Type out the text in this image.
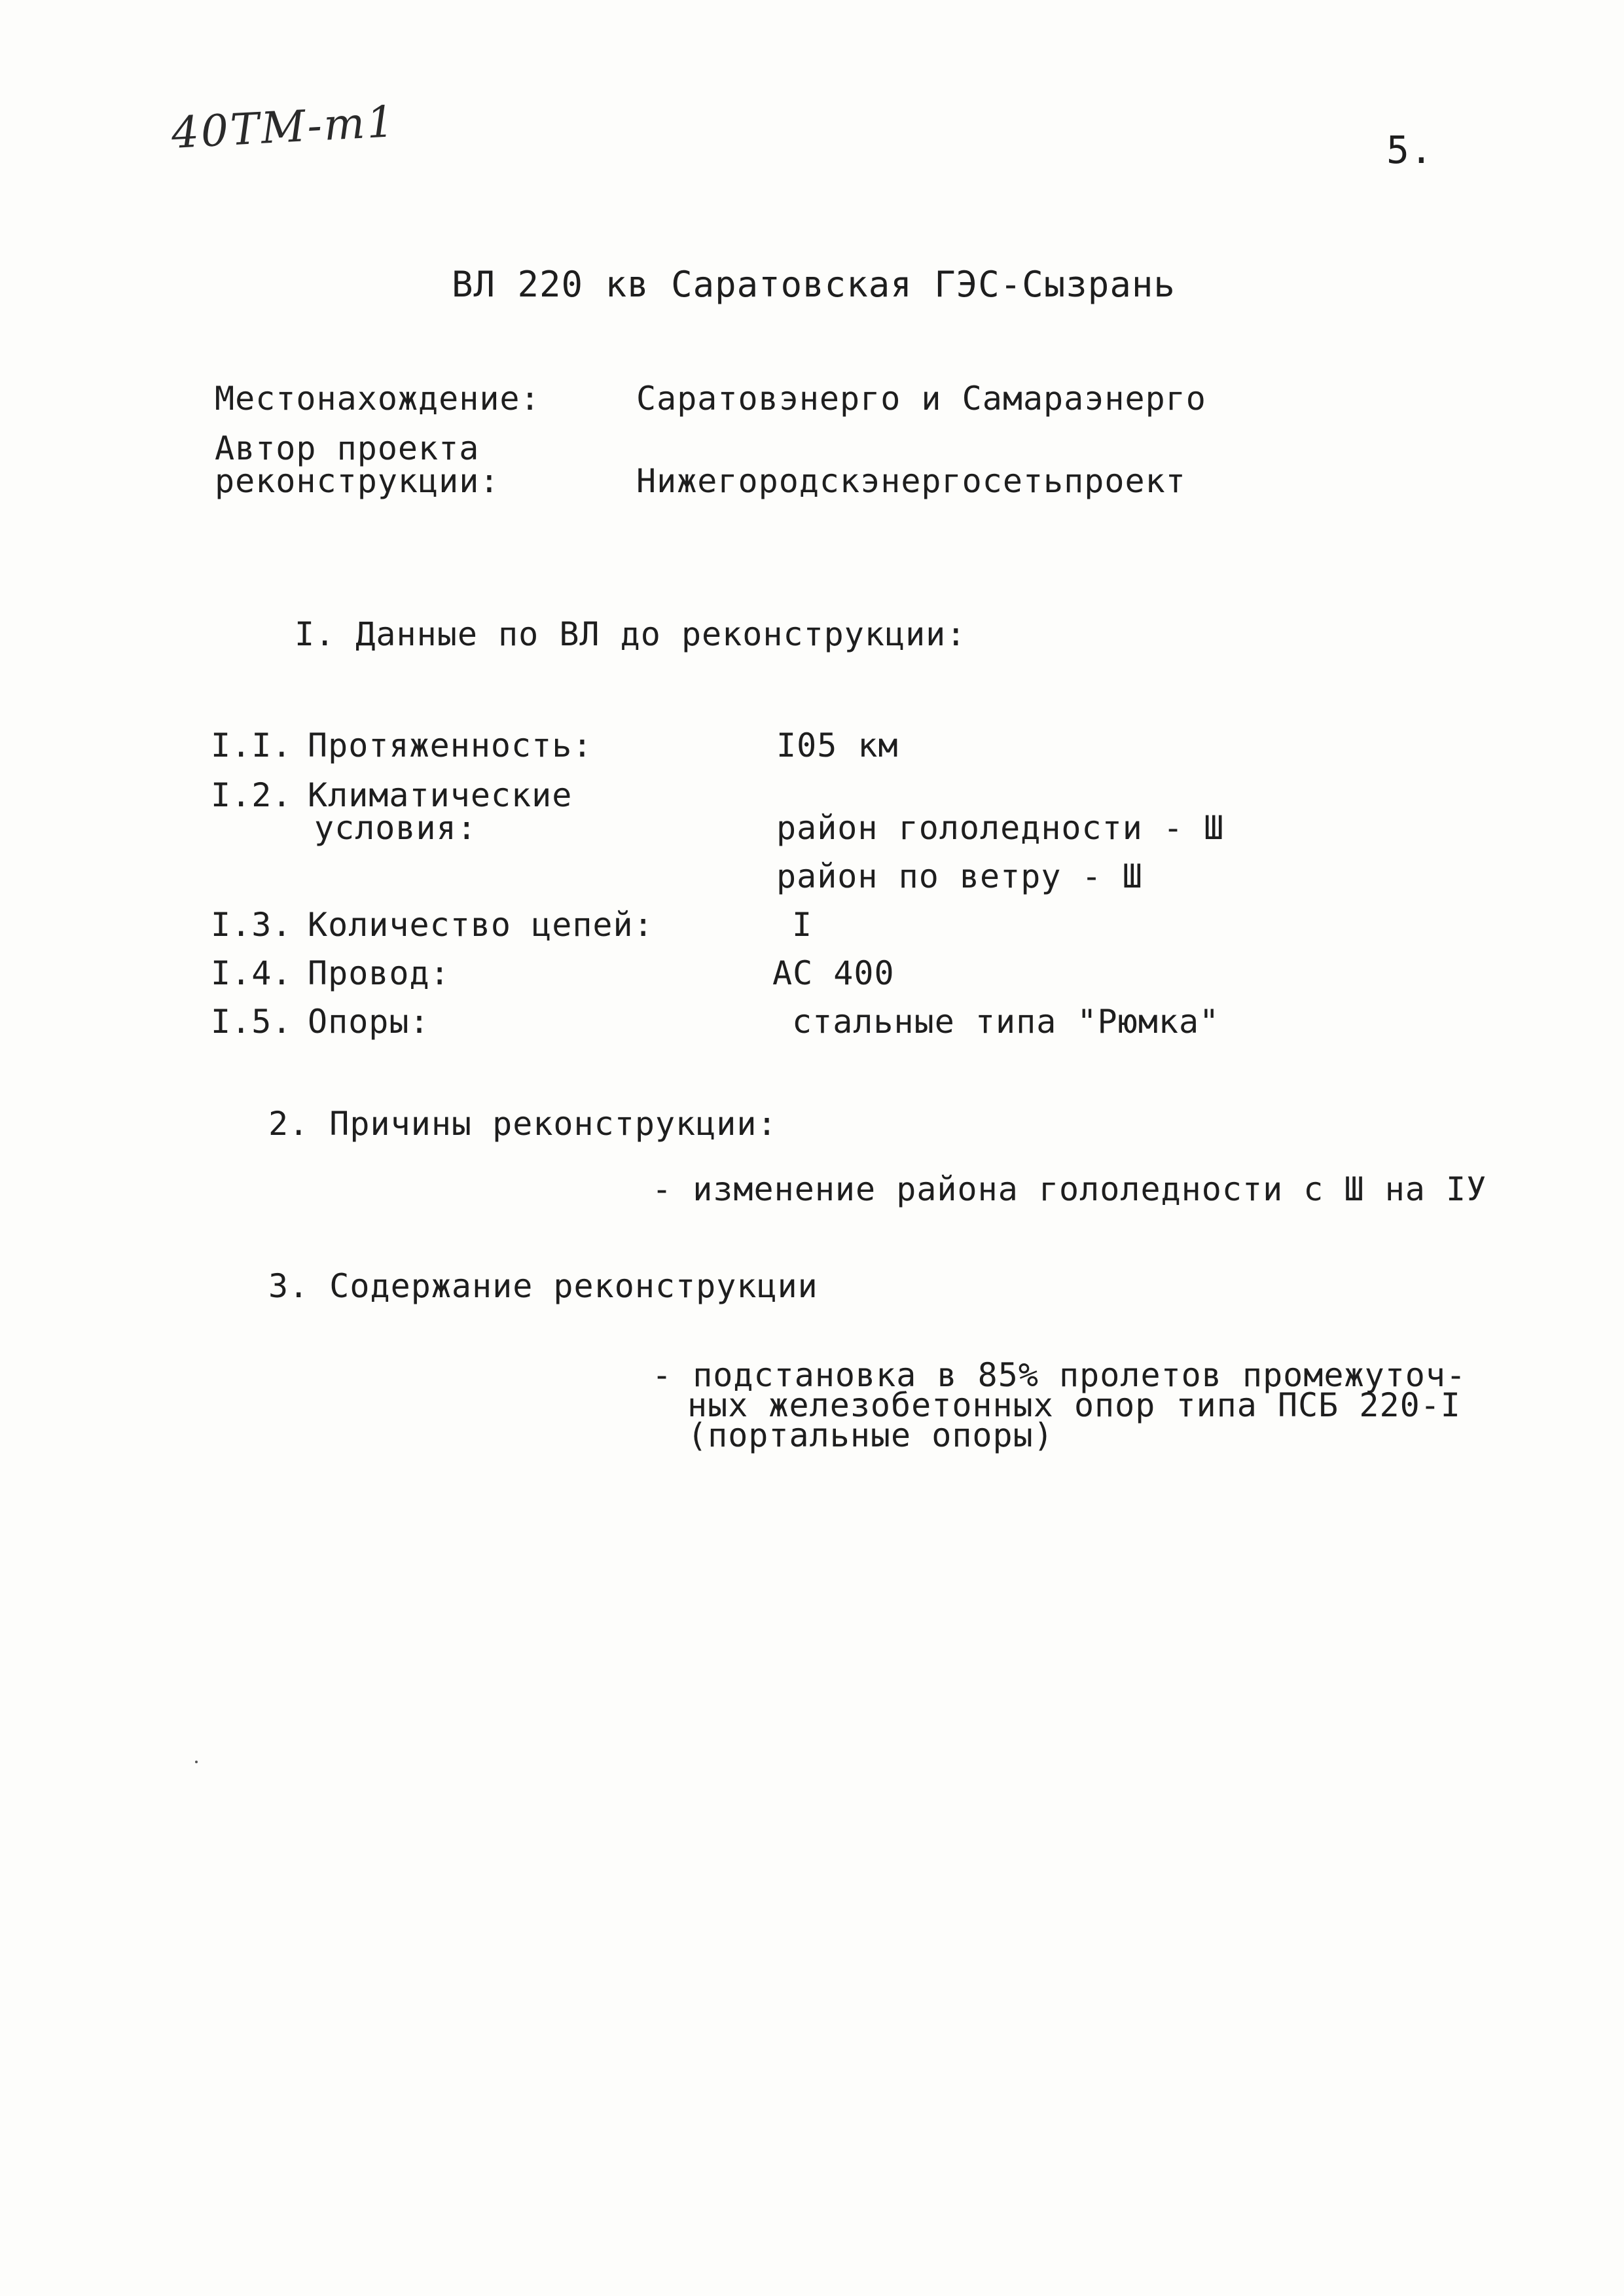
40ТМ-т1	5.
ВЛ 220 кв Саратовская ГЭС-Сызрань
Местонахождение:	Саратовэнерго и Самараэнерго
Автор проекта
реконструкции:	Нижегородскэнергосетьпроект
I. Данные по ВЛ до реконструкции:
I.I. Протяженность:	I05 км
I.2. Климатические
условия:	район гололедности - Ш
район по ветру - Ш
I.3. Количество цепей:	I
I.4. Провод:	АС 400
I.5. Опоры:	стальные типа "Рюмка"
2. Причины реконструкции:
- изменение района гололедности с Ш на IУ
3. Содержание реконструкции
- подстановка в 85% пролетов промежуточ-
ных железобетонных опор типа ПСБ 220-I
(портальные опоры)
